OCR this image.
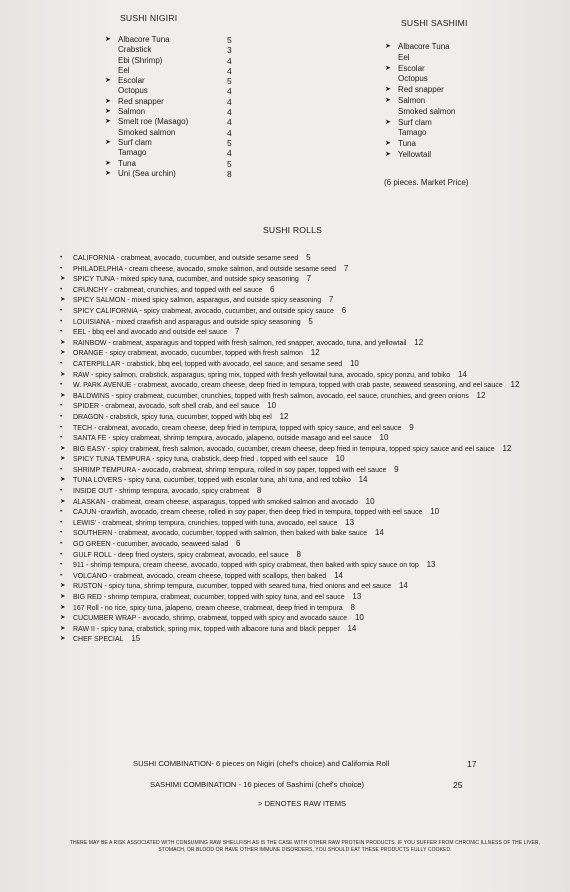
SUSHI NIGIRI
➤ Albacore Tuna	5
Crabstick	3
Ebi (Shrimp)	4
Eel	4
➤ Escolar	5
Octopus	4
➤ Red snapper	4
➤ Salmon	4
➤ Smelt roe (Masago)	4
Smoked salmon	4
➤ Surf clam	5
Tamago	4
➤ Tuna	5
➤ Uni (Sea urchin)	8
SUSHI SASHIMI
➤ Albacore Tuna
Eel
➤ Escolar
Octopus
➤ Red snapper
➤ Salmon
Smoked salmon
➤ Surf clam
Tamago
➤ Tuna
➤ Yellowtail
(6 pieces. Market Price)
SUSHI ROLLS
• CALIFORNIA - crabmeat, avocado, cucumber, and outside sesame seed 5
• PHILADELPHIA - cream cheese, avocado, smoke salmon, and outside sesame seed 7
➤ SPICY TUNA - mixed spicy tuna, cucumber, and outside spicy seasoning 7
• CRUNCHY - crabmeat, crunchies, and topped with eel sauce 6
➤ SPICY SALMON - mixed spicy salmon, asparagus, and outside spicy seasoning 7
• SPICY CALIFORNIA - spicy crabmeat, avocado, cucumber, and outside spicy sauce 6
• LOUISIANA - mixed crawfish and asparagus and outside spicy seasoning 5
• EEL - bbq eel and avocado and outside eel sauce 7
➤ RAINBOW - crabmeat, asparagus and topped with fresh salmon, red snapper, avocado, tuna, and yellowtail 12
➤ ORANGE - spicy crabmeat, avocado, cucumber, topped with fresh salmon 12
• CATERPILLAR - crabstick, bbq eel, topped with avocado, eel sauce, and sesame seed 10
➤ RAW - spicy salmon, crabstick, asparagus, spring mix, topped with fresh yellowtail tuna, avocado, spicy ponzu, and tobiko 14
• W. PARK AVENUE - crabmeat, avocado, cream cheese, deep fried in tempura, topped with crab paste, seaweed seasoning, and eel sauce 12
➤ BALDWINS - spicy crabmeat, cucumber, crunchies, topped with fresh salmon, avocado, eel sauce, crunchies, and green onions 12
• SPIDER - crabmeat, avocado, soft shell crab, and eel sauce 10
• DRAGON - crabstick, spicy tuna, cucumber, topped with bbq eel 12
• TECH - crabmeat, avocado, cream cheese, deep fried in tempura, topped with spicy sauce, and eel sauce 9
• SANTA FE - spicy crabmeat, shrimp tempura, avocado, jalapeno, outside masago and eel sauce 10
➤ BIG EASY - spicy crabmeat, fresh salmon, avocado, cucumber, cream cheese, deep fried in tempura, topped spicy sauce and eel sauce 12
➤ SPICY TUNA TEMPURA - spicy tuna, crabstick, deep fried , topped with eel sauce 10
• SHRIMP TEMPURA - avocado, crabmeat, shrimp tempura, rolled in soy paper, topped with eel sauce 9
➤ TUNA LOVERS - spicy tuna, cucumber, topped with escolar tuna, ahi tuna, and red tobiko 14
• INSIDE OUT - shrimp tempura, avocado, spicy crabmeat 8
➤ ALASKAN - crabmeat, cream cheese, asparagus, topped with smoked salmon and avocado 10
• CAJUN -crawfish, avocado, cream cheese, rolled in soy paper, then deep fried in tempura, topped with eel sauce 10
• LEWIS' - crabmeat, shrimp tempura, crunchies, topped with tuna, avocado, eel sauce 13
• SOUTHERN - crabmeat, avocado, cucumber, topped with salmon, then baked with bake sauce 14
• GO GREEN - cucumber, avocado, seaweed salad 6
• GULF ROLL - deep fried oysters, spicy crabmeat, avocado, eel sauce 8
• 911 - shrimp tempura, cream cheese, avocado, topped with spicy crabmeat, then baked with spicy sauce on top 13
• VOLCANO - crabmeat, avocado, cream cheese, topped with scallops, then baked 14
➤ RUSTON - spicy tuna, shrimp tempura, cucumber, topped with seared tuna, fried onions and eel sauce 14
➤ BIG RED - shrimp tempura, crabmeat, cucumber, topped with spicy tuna, and eel sauce 13
➤ 167 Roll - no rice, spicy tuna, jalapeno, cream cheese, crabmeat, deep fried in tempura 8
➤ CUCUMBER WRAP - avocado, shrimp, crabmeat, topped with spicy and avocado sauce 10
➤ RAW II - spicy tuna, crabstick, spring mix, topped with albacore tuna and black pepper 14
➤ CHEF SPECIAL 15
SUSHI COMBINATION- 6 pieces on Nigiri (chef's choice) and California Roll	17
SASHIMI COMBINATION - 16 pieces of Sashimi (chef's choice)	25
> DENOTES RAW ITEMS
THERE MAY BE A RISK ASSOCIATED WITH CONSUMING RAW SHELLFISH AS IS THE CASE WITH OTHER RAW PROTEIN PRODUCTS. IF YOU SUFFER FROM CHRONIC ILLNESS OF THE LIVER, STOMACH, OR BLOOD OR HAVE OTHER IMMUNE DISORDERS, YOU SHOULD EAT THESE PRODUCTS FULLY COOKED.
